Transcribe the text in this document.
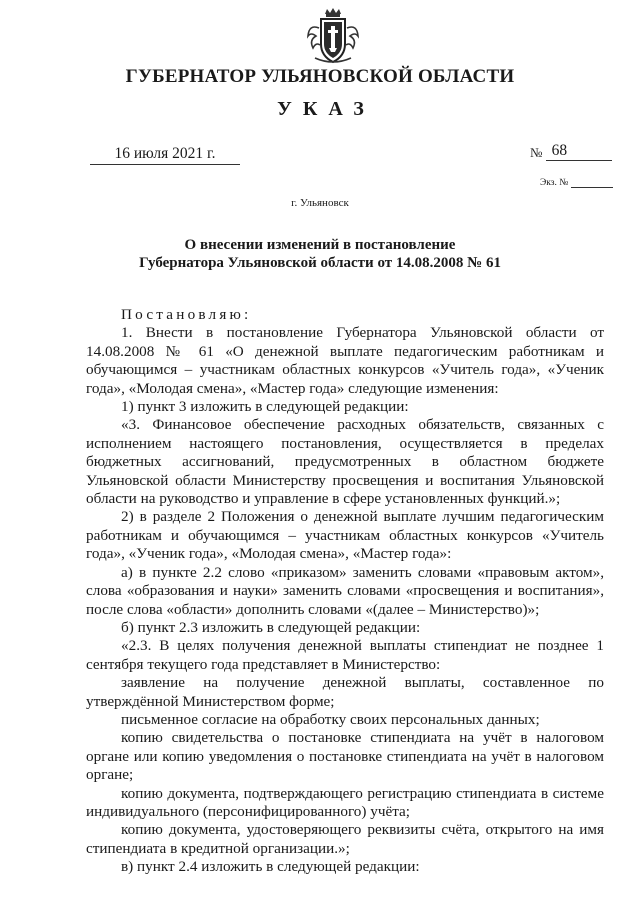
ГУБЕРНАТОР УЛЬЯНОВСКОЙ ОБЛАСТИ
УКАЗ
16 июля 2021 г.	№ 68
Экз. №
г. Ульяновск
О внесении изменений в постановление
Губернатора Ульяновской области от 14.08.2008 № 61

Постановляю:

1. Внести в постановление Губернатора Ульяновской области от 14.08.2008 № 61 «О денежной выплате педагогическим работникам и обучающимся – участникам областных конкурсов «Учитель года», «Ученик года», «Молодая смена», «Мастер года» следующие изменения:

1) пункт 3 изложить в следующей редакции:

«3. Финансовое обеспечение расходных обязательств, связанных с исполнением настоящего постановления, осуществляется в пределах бюджетных ассигнований, предусмотренных в областном бюджете Ульяновской области Министерству просвещения и воспитания Ульяновской области на руководство и управление в сфере установленных функций.»;

2) в разделе 2 Положения о денежной выплате лучшим педагогическим работникам и обучающимся – участникам областных конкурсов «Учитель года», «Ученик года», «Молодая смена», «Мастер года»:

а) в пункте 2.2 слово «приказом» заменить словами «правовым актом», слова «образования и науки» заменить словами «просвещения и воспитания», после слова «области» дополнить словами «(далее – Министерство)»;

б) пункт 2.3 изложить в следующей редакции:

«2.3. В целях получения денежной выплаты стипендиат не позднее 1 сентября текущего года представляет в Министерство:

заявление на получение денежной выплаты, составленное по утверждённой Министерством форме;

письменное согласие на обработку своих персональных данных;

копию свидетельства о постановке стипендиата на учёт в налоговом органе или копию уведомления о постановке стипендиата на учёт в налоговом органе;

копию документа, подтверждающего регистрацию стипендиата в системе индивидуального (персонифицированного) учёта;

копию документа, удостоверяющего реквизиты счёта, открытого на имя стипендиата в кредитной организации.»;

в) пункт 2.4 изложить в следующей редакции:
